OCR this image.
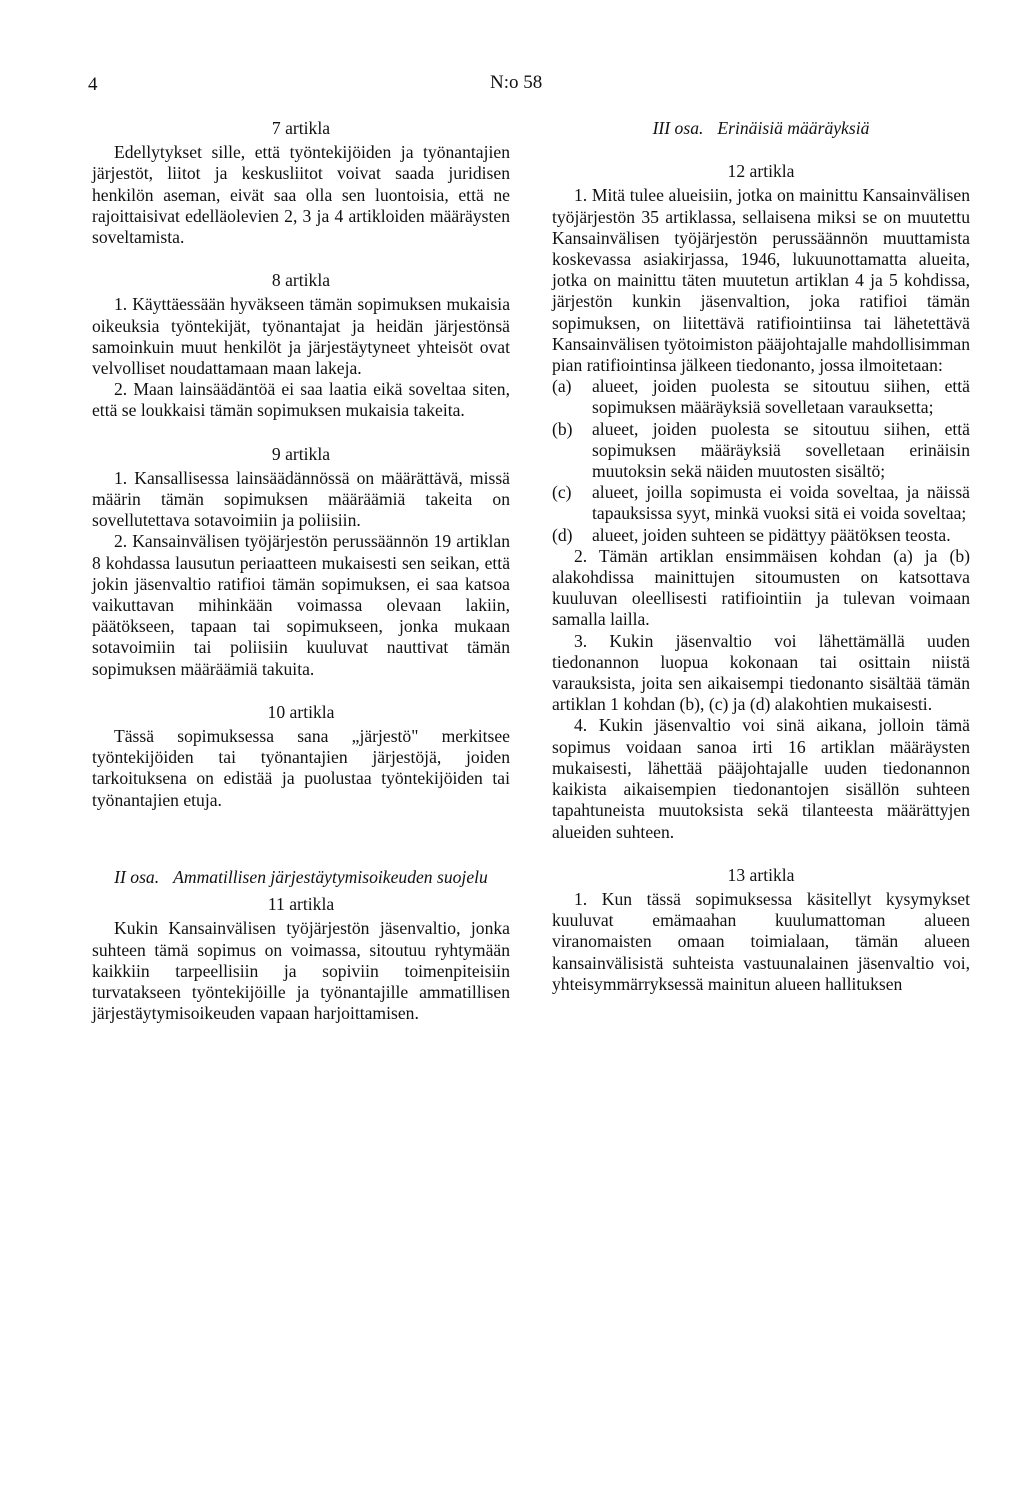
4	N:o 58

7 artikla

Edellytykset sille, että työntekijöiden ja työnantajien järjestöt, liitot ja keskusliitot voivat saada juridisen henkilön aseman, eivät saa olla sen luontoisia, että ne rajoittaisivat edelläolevien 2, 3 ja 4 artikloiden määräysten soveltamista.

8 artikla

1. Käyttäessään hyväkseen tämän sopimuksen mukaisia oikeuksia työntekijät, työnantajat ja heidän järjestönsä samoinkuin muut henkilöt ja järjestäytyneet yhteisöt ovat velvolliset noudattamaan maan lakeja.

2. Maan lainsäädäntöä ei saa laatia eikä soveltaa siten, että se loukkaisi tämän sopimuksen mukaisia takeita.

9 artikla

1. Kansallisessa lainsäädännössä on määrättävä, missä määrin tämän sopimuksen määräämiä takeita on sovellutettava sotavoimiin ja poliisiin.

2. Kansainvälisen työjärjestön perussäännön 19 artiklan 8 kohdassa lausutun periaatteen mukaisesti sen seikan, että jokin jäsenvaltio ratifioi tämän sopimuksen, ei saa katsoa vaikuttavan mihinkään voimassa olevaan lakiin, päätökseen, tapaan tai sopimukseen, jonka mukaan sotavoimiin tai poliisiin kuuluvat nauttivat tämän sopimuksen määräämiä takuita.

10 artikla

Tässä sopimuksessa sana „järjestö" merkitsee työntekijöiden tai työnantajien järjestöjä, joiden tarkoituksena on edistää ja puolustaa työntekijöiden tai työnantajien etuja.

II osa. Ammatillisen järjestäytymisoikeuden suojelu

11 artikla

Kukin Kansainvälisen työjärjestön jäsenvaltio, jonka suhteen tämä sopimus on voimassa, sitoutuu ryhtymään kaikkiin tarpeellisiin ja sopiviin toimenpiteisiin turvatakseen työntekijöille ja työnantajille ammatillisen järjestäytymisoikeuden vapaan harjoittamisen.

III osa. Erinäisiä määräyksiä

12 artikla

1. Mitä tulee alueisiin, jotka on mainittu Kansainvälisen työjärjestön 35 artiklassa, sellaisena miksi se on muutettu Kansainvälisen työjärjestön perussäännön muuttamista koskevassa asiakirjassa, 1946, lukuunottamatta alueita, jotka on mainittu täten muutetun artiklan 4 ja 5 kohdissa, järjestön kunkin jäsenvaltion, joka ratifioi tämän sopimuksen, on liitettävä ratifiointiinsa tai lähetettävä Kansainvälisen työtoimiston pääjohtajalle mahdollisimman pian ratifiointinsa jälkeen tiedonanto, jossa ilmoitetaan:

(a)	alueet, joiden puolesta se sitoutuu siihen, että sopimuksen määräyksiä sovelletaan varauksetta;
(b)	alueet, joiden puolesta se sitoutuu siihen, että sopimuksen määräyksiä sovelletaan erinäisin muutoksin sekä näiden muutosten sisältö;
(c)	alueet, joilla sopimusta ei voida soveltaa, ja näissä tapauksissa syyt, minkä vuoksi sitä ei voida soveltaa;
(d)	alueet, joiden suhteen se pidättyy päätöksen teosta.

2. Tämän artiklan ensimmäisen kohdan (a) ja (b) alakohdissa mainittujen sitoumusten on katsottava kuuluvan oleellisesti ratifiointiin ja tulevan voimaan samalla lailla.

3. Kukin jäsenvaltio voi lähettämällä uuden tiedonannon luopua kokonaan tai osittain niistä varauksista, joita sen aikaisempi tiedonanto sisältää tämän artiklan 1 kohdan (b), (c) ja (d) alakohtien mukaisesti.

4. Kukin jäsenvaltio voi sinä aikana, jolloin tämä sopimus voidaan sanoa irti 16 artiklan määräysten mukaisesti, lähettää pääjohtajalle uuden tiedonannon kaikista aikaisempien tiedonantojen sisällön suhteen tapahtuneista muutoksista sekä tilanteesta määrättyjen alueiden suhteen.

13 artikla

1. Kun tässä sopimuksessa käsitellyt kysymykset kuuluvat emämaahan kuulumattoman alueen viranomaisten omaan toimialaan, tämän alueen kansainvälisistä suhteista vastuunalainen jäsenvaltio voi, yhteisymmärryksessä mainitun alueen hallituksen
